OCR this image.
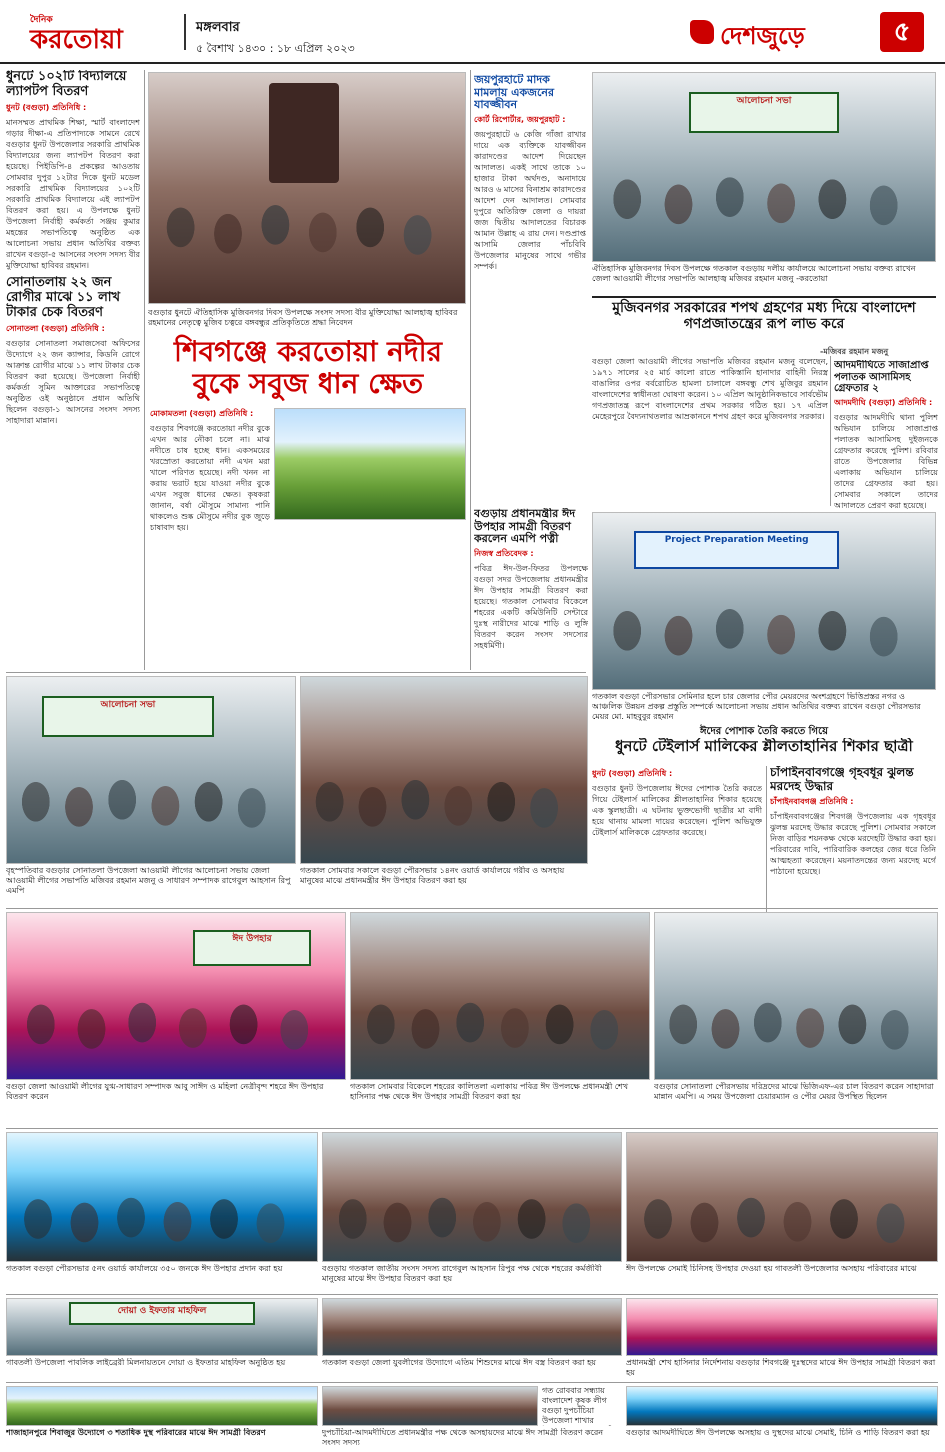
দৈনিক
করতোয়া	মঙ্গলবার
৫ বৈশাখ ১৪৩০ : ১৮ এপ্রিল ২০২৩	দেশজুড়ে	৫
ধুনটে ১০২টি বিদ্যালয়ে ল্যাপটপ বিতরণ
ধুনট (বগুড়া) প্রতিনিধি :
মানসম্মত প্রাথমিক শিক্ষা, স্মার্ট বাংলাদেশ গড়ার দীক্ষা-এ প্রতিপাদ্যকে সামনে রেখে বগুড়ার ধুনট উপজেলার সরকারি প্রাথমিক বিদ্যালয়ের জন্য ল্যাপটপ বিতরণ করা হয়েছে। পিইডিপি-৪ প্রকল্পের আওতায় সোমবার দুপুর ১২টার দিকে ধুনট মডেল সরকারি প্রাথমিক বিদ্যালয়ের ১০২টি সরকারি প্রাথমিক বিদ্যালয়ে এই ল্যাপটপ বিতরণ করা হয়। এ উপলক্ষে ধুনট উপজেলা নির্বাহী কর্মকর্তা সঞ্জয় কুমার মহন্তের সভাপতিত্বে অনুষ্ঠিত এক আলোচনা সভায় প্রধান অতিথির বক্তব্য রাখেন বগুড়া-৫ আসনের সংসদ সদস্য বীর মুক্তিযোদ্ধা হাবিবর রহমান।
সোনাতলায় ২২ জন রোগীর মাঝে ১১ লাখ টাকার চেক বিতরণ
সোনাতলা (বগুড়া) প্রতিনিধি :
বগুড়ার সোনাতলা সমাজসেবা অফিসের উদ্যোগে ২২ জন ক্যান্সার, কিডনি রোগে আক্রান্ত রোগীর মাঝে ১১ লাখ টাকার চেক বিতরণ করা হয়েছে। উপজেলা নির্বাহী কর্মকর্তা সুমিন আক্তারের সভাপতিত্বে অনুষ্ঠিত ওই অনুষ্ঠানে প্রধান অতিথি ছিলেন বগুড়া-১ আসনের সংসদ সদস্য সাহাদারা মান্নান।
বগুড়ার ধুনটে ঐতিহাসিক মুজিবনগর দিবস উপলক্ষে সংসদ সদস্য বীর মুক্তিযোদ্ধা আলহাজ্ব হাবিবর রহমানের নেতৃত্বে মুজিব চত্বরে বঙ্গবন্ধুর প্রতিকৃতিতে শ্রদ্ধা নিবেদন
জয়পুরহাটে মাদক মামলায় একজনের যাবজ্জীবন
কোর্ট রিপোর্টার, জয়পুরহাট :
জয়পুরহাটে ৬ কেজি গাঁজা রাখার দায়ে এক ব্যক্তিকে যাবজ্জীবন কারাদণ্ডের আদেশ দিয়েছেন আদালত। একই সাথে তাকে ১০ হাজার টাকা অর্থদণ্ড, অনাদায়ে আরও ৬ মাসের বিনাশ্রম কারাদণ্ডের আদেশ দেন আদালত। সোমবার দুপুরে অতিরিক্ত জেলা ও দায়রা জজ দ্বিতীয় আদালতের বিচারক আমান উল্লাহ এ রায় দেন। দণ্ডপ্রাপ্ত আসামি জেলার পাঁচবিবি উপজেলার মানুষের সাথে গভীর সম্পর্ক।
আলোচনা সভা
ঐতিহাসিক মুজিবনগর দিবস উপলক্ষে গতকাল বগুড়ায় দলীয় কার্যালয়ে আলোচনা সভায় বক্তব্য রাখেন জেলা আওয়ামী লীগের সভাপতি আলহাজ্ব মজিবর রহমান মজনু -করতোয়া
মুজিবনগর সরকারের শপথ গ্রহণের মধ্য দিয়ে বাংলাদেশ গণপ্রজাতন্ত্রের রূপ লাভ করে
-মজিবর রহমান মজনু
বগুড়া জেলা আওয়ামী লীগের সভাপতি মজিবর রহমান মজনু বলেছেন, ১৯৭১ সালের ২৫ মার্চ কালো রাতে পাকিস্তানি হানাদার বাহিনী নিরস্ত্র বাঙালির ওপর বর্বরোচিত হামলা চালালে বঙ্গবন্ধু শেখ মুজিবুর রহমান বাংলাদেশের স্বাধীনতা ঘোষণা করেন। ১০ এপ্রিল আনুষ্ঠানিকভাবে সার্বভৌম গণপ্রজাতন্ত্র রূপে বাংলাদেশের প্রথম সরকার গঠিত হয়। ১৭ এপ্রিল মেহেরপুরে বৈদ্যনাথতলার আম্রকাননে শপথ গ্রহণ করে মুজিবনগর সরকার।
আদমদীঘিতে সাজাপ্রাপ্ত পলাতক আসামিসহ গ্রেফতার ২
আদমদীঘি (বগুড়া) প্রতিনিধি :
বগুড়ার আদমদীঘি থানা পুলিশ অভিযান চালিয়ে সাজাপ্রাপ্ত পলাতক আসামিসহ দুইজনকে গ্রেফতার করেছে পুলিশ। রবিবার রাতে উপজেলার বিভিন্ন এলাকায় অভিযান চালিয়ে তাদের গ্রেফতার করা হয়। সোমবার সকালে তাদের আদালতে প্রেরণ করা হয়েছে।
শিবগঞ্জে করতোয়া নদীর বুকে সবুজ ধান ক্ষেত
মোকামতলা (বগুড়া) প্রতিনিধি :
বগুড়ার শিবগঞ্জে করতোয়া নদীর বুকে এখন আর নৌকা চলে না। মাঝ নদীতে চাষ হচ্ছে ধান। একসময়ের খরস্রোতা করতোয়া নদী এখন মরা খালে পরিণত হয়েছে। নদী খনন না করায় ভরাট হয়ে যাওয়া নদীর বুকে এখন সবুজ ধানের ক্ষেত। কৃষকরা জানান, বর্ষা মৌসুমে সামান্য পানি থাকলেও শুষ্ক মৌসুমে নদীর বুক জুড়ে চাষাবাদ হয়।
বগুড়ায় প্রধানমন্ত্রীর ঈদ উপহার সামগ্রী বিতরণ করলেন এমপি পত্নী
নিজস্ব প্রতিবেদক :
পবিত্র ঈদ-উল-ফিতর উপলক্ষে বগুড়া সদর উপজেলায় প্রধানমন্ত্রীর ঈদ উপহার সামগ্রী বিতরণ করা হয়েছে। গতকাল সোমবার বিকেলে শহরের একটি কমিউনিটি সেন্টারে দুঃস্থ নারীদের মাঝে শাড়ি ও লুঙ্গি বিতরণ করেন সংসদ সদস্যের সহধর্মিণী।
Project Preparation Meeting
গতকাল বগুড়া পৌরসভার সেমিনার হলে চার জেলার পৌর মেয়রদের অংশগ্রহণে ভিত্তিপ্রস্তর নগর ও আঞ্চলিক উন্নয়ন প্রকল্প প্রস্তুতি সম্পর্কে আলোচনা সভায় প্রধান অতিথির বক্তব্য রাখেন বগুড়া পৌরসভার মেয়র মো. মাহবুবুর রহমান
ঈদের পোশাক তৈরি করতে গিয়ে
ধুনটে টেইলার্স মালিকের শ্লীলতাহানির শিকার ছাত্রী
ধুনট (বগুড়া) প্রতিনিধি :
বগুড়ার ধুনট উপজেলায় ঈদের পোশাক তৈরি করতে গিয়ে টেইলার্স মালিকের শ্লীলতাহানির শিকার হয়েছে এক স্কুলছাত্রী। এ ঘটনায় ভুক্তভোগী ছাত্রীর মা বাদী হয়ে থানায় মামলা দায়ের করেছেন। পুলিশ অভিযুক্ত টেইলার্স মালিককে গ্রেফতার করেছে।
চাঁপাইনবাবগঞ্জে গৃহবধূর ঝুলন্ত মরদেহ উদ্ধার
চাঁপাইনবাবগঞ্জ প্রতিনিধি :
চাঁপাইনবাবগঞ্জের শিবগঞ্জ উপজেলায় এক গৃহবধূর ঝুলন্ত মরদেহ উদ্ধার করেছে পুলিশ। সোমবার সকালে নিজ বাড়ির শয়নকক্ষ থেকে মরদেহটি উদ্ধার করা হয়। পরিবারের দাবি, পারিবারিক কলহের জের ধরে তিনি আত্মহত্যা করেছেন। ময়নাতদন্তের জন্য মরদেহ মর্গে পাঠানো হয়েছে।
আলোচনা সভা
বৃহস্পতিবার বগুড়ার সোনাতলা উপজেলা আওয়ামী লীগের আলোচনা সভায় জেলা আওয়ামী লীগের সভাপতি মজিবর রহমান মজনু ও সাধারণ সম্পাদক রাগেবুল আহসান রিপু এমপি
গতকাল সোমবার সকালে বগুড়া পৌরসভার ১৪নং ওয়ার্ড কার্যালয়ে গরীব ও অসহায় মানুষের মাঝে প্রধানমন্ত্রীর ঈদ উপহার বিতরণ করা হয়
ঈদ উপহার
বগুড়া জেলা আওয়ামী লীগের যুগ্ম-সাধারণ সম্পাদক আবু সাঈদ ও মহিলা নেত্রীবৃন্দ শহরে ঈদ উপহার বিতরণ করেন
গতকাল সোমবার বিকেলে শহরের কালিতলা এলাকায় পবিত্র ঈদ উপলক্ষে প্রধানমন্ত্রী শেখ হাসিনার পক্ষ থেকে ঈদ উপহার সামগ্রী বিতরণ করা হয়
বগুড়ার সোনাতলা পৌরসভায় দরিদ্রদের মাঝে ভিজিএফ-এর চাল বিতরণ করেন সাহাদারা মান্নান এমপি। এ সময় উপজেলা চেয়ারম্যান ও পৌর মেয়র উপস্থিত ছিলেন
গতকাল বগুড়া পৌরসভার ৫নং ওয়ার্ড কার্যালয়ে ৩৫০ জনকে ঈদ উপহার প্রদান করা হয়	বগুড়ায় গতকাল জাতীয় সংসদ সদস্য রাগেবুল আহসান রিপুর পক্ষ থেকে শহরের কর্মজীবী মানুষের মাঝে ঈদ উপহার বিতরণ করা হয়
ঈদ উপলক্ষে সেমাই চিনিসহ উপহার দেওয়া হয় গাবতলী উপজেলার অসহায় পরিবারের মাঝে
দোয়া ও ইফতার মাহফিল
গাবতলী উপজেলা পাবলিক লাইব্রেরী মিলনায়তনে দোয়া ও ইফতার মাহফিল অনুষ্ঠিত হয়	গতকাল বগুড়া জেলা যুবলীগের উদ্যোগে এতিম শিশুদের মাঝে ঈদ বস্ত্র বিতরণ করা হয়	প্রধানমন্ত্রী শেখ হাসিনার নির্দেশনায় বগুড়ার শিবগঞ্জে দুঃস্থদের মাঝে ঈদ উপহার সামগ্রী বিতরণ করা হয়
শাজাহানপুরে শিবাজুর উদ্যোগে ৩ শতাধিক দুস্থ পরিবারের মাঝে ঈদ সামগ্রী বিতরণ	দুপচাঁচিয়া-আদমদীঘিতে প্রধানমন্ত্রীর পক্ষ থেকে অসহায়দের মাঝে ঈদ সামগ্রী বিতরণ করেন সংসদ সদস্য
গত রোববার সন্ধ্যায় বাংলাদেশ কৃষক লীগ বগুড়া দুপচাঁচিয়া উপজেলা শাখার
বগুড়ার আদমদীঘিতে ঈদ উপলক্ষে অসহায় ও দুস্থদের মাঝে সেমাই, চিনি ও শাড়ি বিতরণ করা হয়
